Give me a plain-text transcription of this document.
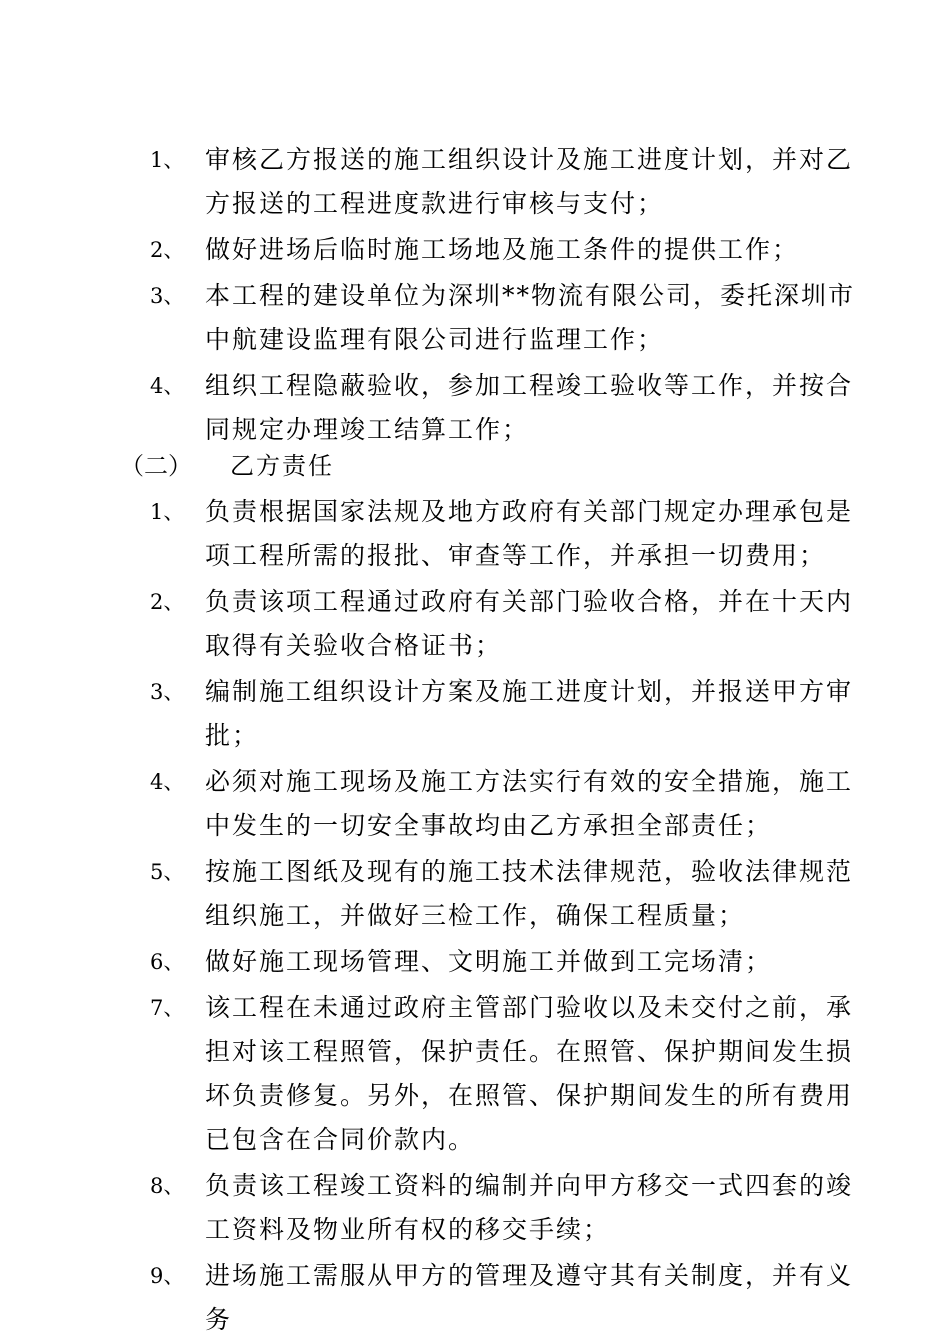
1、 审核乙方报送的施工组织设计及施工进度计划，并对乙方报送的工程进度款进行审核与支付；
2、 做好进场后临时施工场地及施工条件的提供工作；
3、 本工程的建设单位为深圳**物流有限公司，委托深圳市中航建设监理有限公司进行监理工作；
4、 组织工程隐蔽验收，参加工程竣工验收等工作，并按合同规定办理竣工结算工作；
（二） 乙方责任
1、 负责根据国家法规及地方政府有关部门规定办理承包是项工程所需的报批、审查等工作，并承担一切费用；
2、 负责该项工程通过政府有关部门验收合格，并在十天内取得有关验收合格证书；
3、 编制施工组织设计方案及施工进度计划，并报送甲方审批；
4、 必须对施工现场及施工方法实行有效的安全措施，施工中发生的一切安全事故均由乙方承担全部责任；
5、 按施工图纸及现有的施工技术法律规范，验收法律规范组织施工，并做好三检工作，确保工程质量；
6、 做好施工现场管理、文明施工并做到工完场清；
7、 该工程在未通过政府主管部门验收以及未交付之前，承担对该工程照管，保护责任。在照管、保护期间发生损坏负责修复。另外，在照管、保护期间发生的所有费用已包含在合同价款内。
8、 负责该工程竣工资料的编制并向甲方移交一式四套的竣工资料及物业所有权的移交手续；
9、 进场施工需服从甲方的管理及遵守其有关制度，并有义务
